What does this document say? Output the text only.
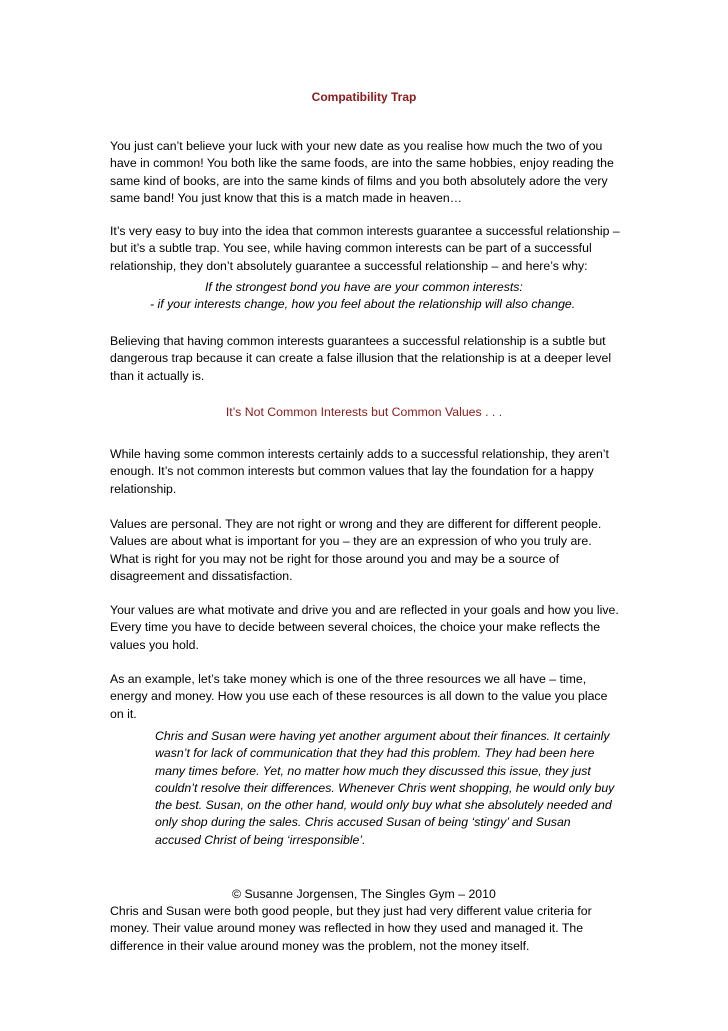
Compatibility Trap
You just can’t believe your luck with your new date as you realise how much the two of you
have in common! You both like the same foods, are into the same hobbies, enjoy reading the
same kind of books, are into the same kinds of films and you both absolutely adore the very
same band! You just know that this is a match made in heaven…
It’s very easy to buy into the idea that common interests guarantee a successful relationship –
but it’s a subtle trap. You see, while having common interests can be part of a successful
relationship, they don’t absolutely guarantee a successful relationship – and here’s why:
If the strongest bond you have are your common interests:
- if your interests change, how you feel about the relationship will also change.
Believing that having common interests guarantees a successful relationship is a subtle but
dangerous trap because it can create a false illusion that the relationship is at a deeper level
than it actually is.
It’s Not Common Interests but Common Values . . .
While having some common interests certainly adds to a successful relationship, they aren’t
enough. It’s not common interests but common values that lay the foundation for a happy
relationship.
Values are personal. They are not right or wrong and they are different for different people.
Values are about what is important for you – they are an expression of who you truly are.
What is right for you may not be right for those around you and may be a source of
disagreement and dissatisfaction.
Your values are what motivate and drive you and are reflected in your goals and how you live.
Every time you have to decide between several choices, the choice your make reflects the
values you hold.
As an example, let’s take money which is one of the three resources we all have – time,
energy and money. How you use each of these resources is all down to the value you place
on it.
Chris and Susan were having yet another argument about their finances. It certainly
wasn’t for lack of communication that they had this problem. They had been here
many times before. Yet, no matter how much they discussed this issue, they just
couldn’t resolve their differences. Whenever Chris went shopping, he would only buy
the best. Susan, on the other hand, would only buy what she absolutely needed and
only shop during the sales. Chris accused Susan of being ‘stingy’ and Susan
accused Christ of being ‘irresponsible’.
© Susanne Jorgensen, The Singles Gym – 2010
Chris and Susan were both good people, but they just had very different value criteria for
money. Their value around money was reflected in how they used and managed it. The
difference in their value around money was the problem, not the money itself.
